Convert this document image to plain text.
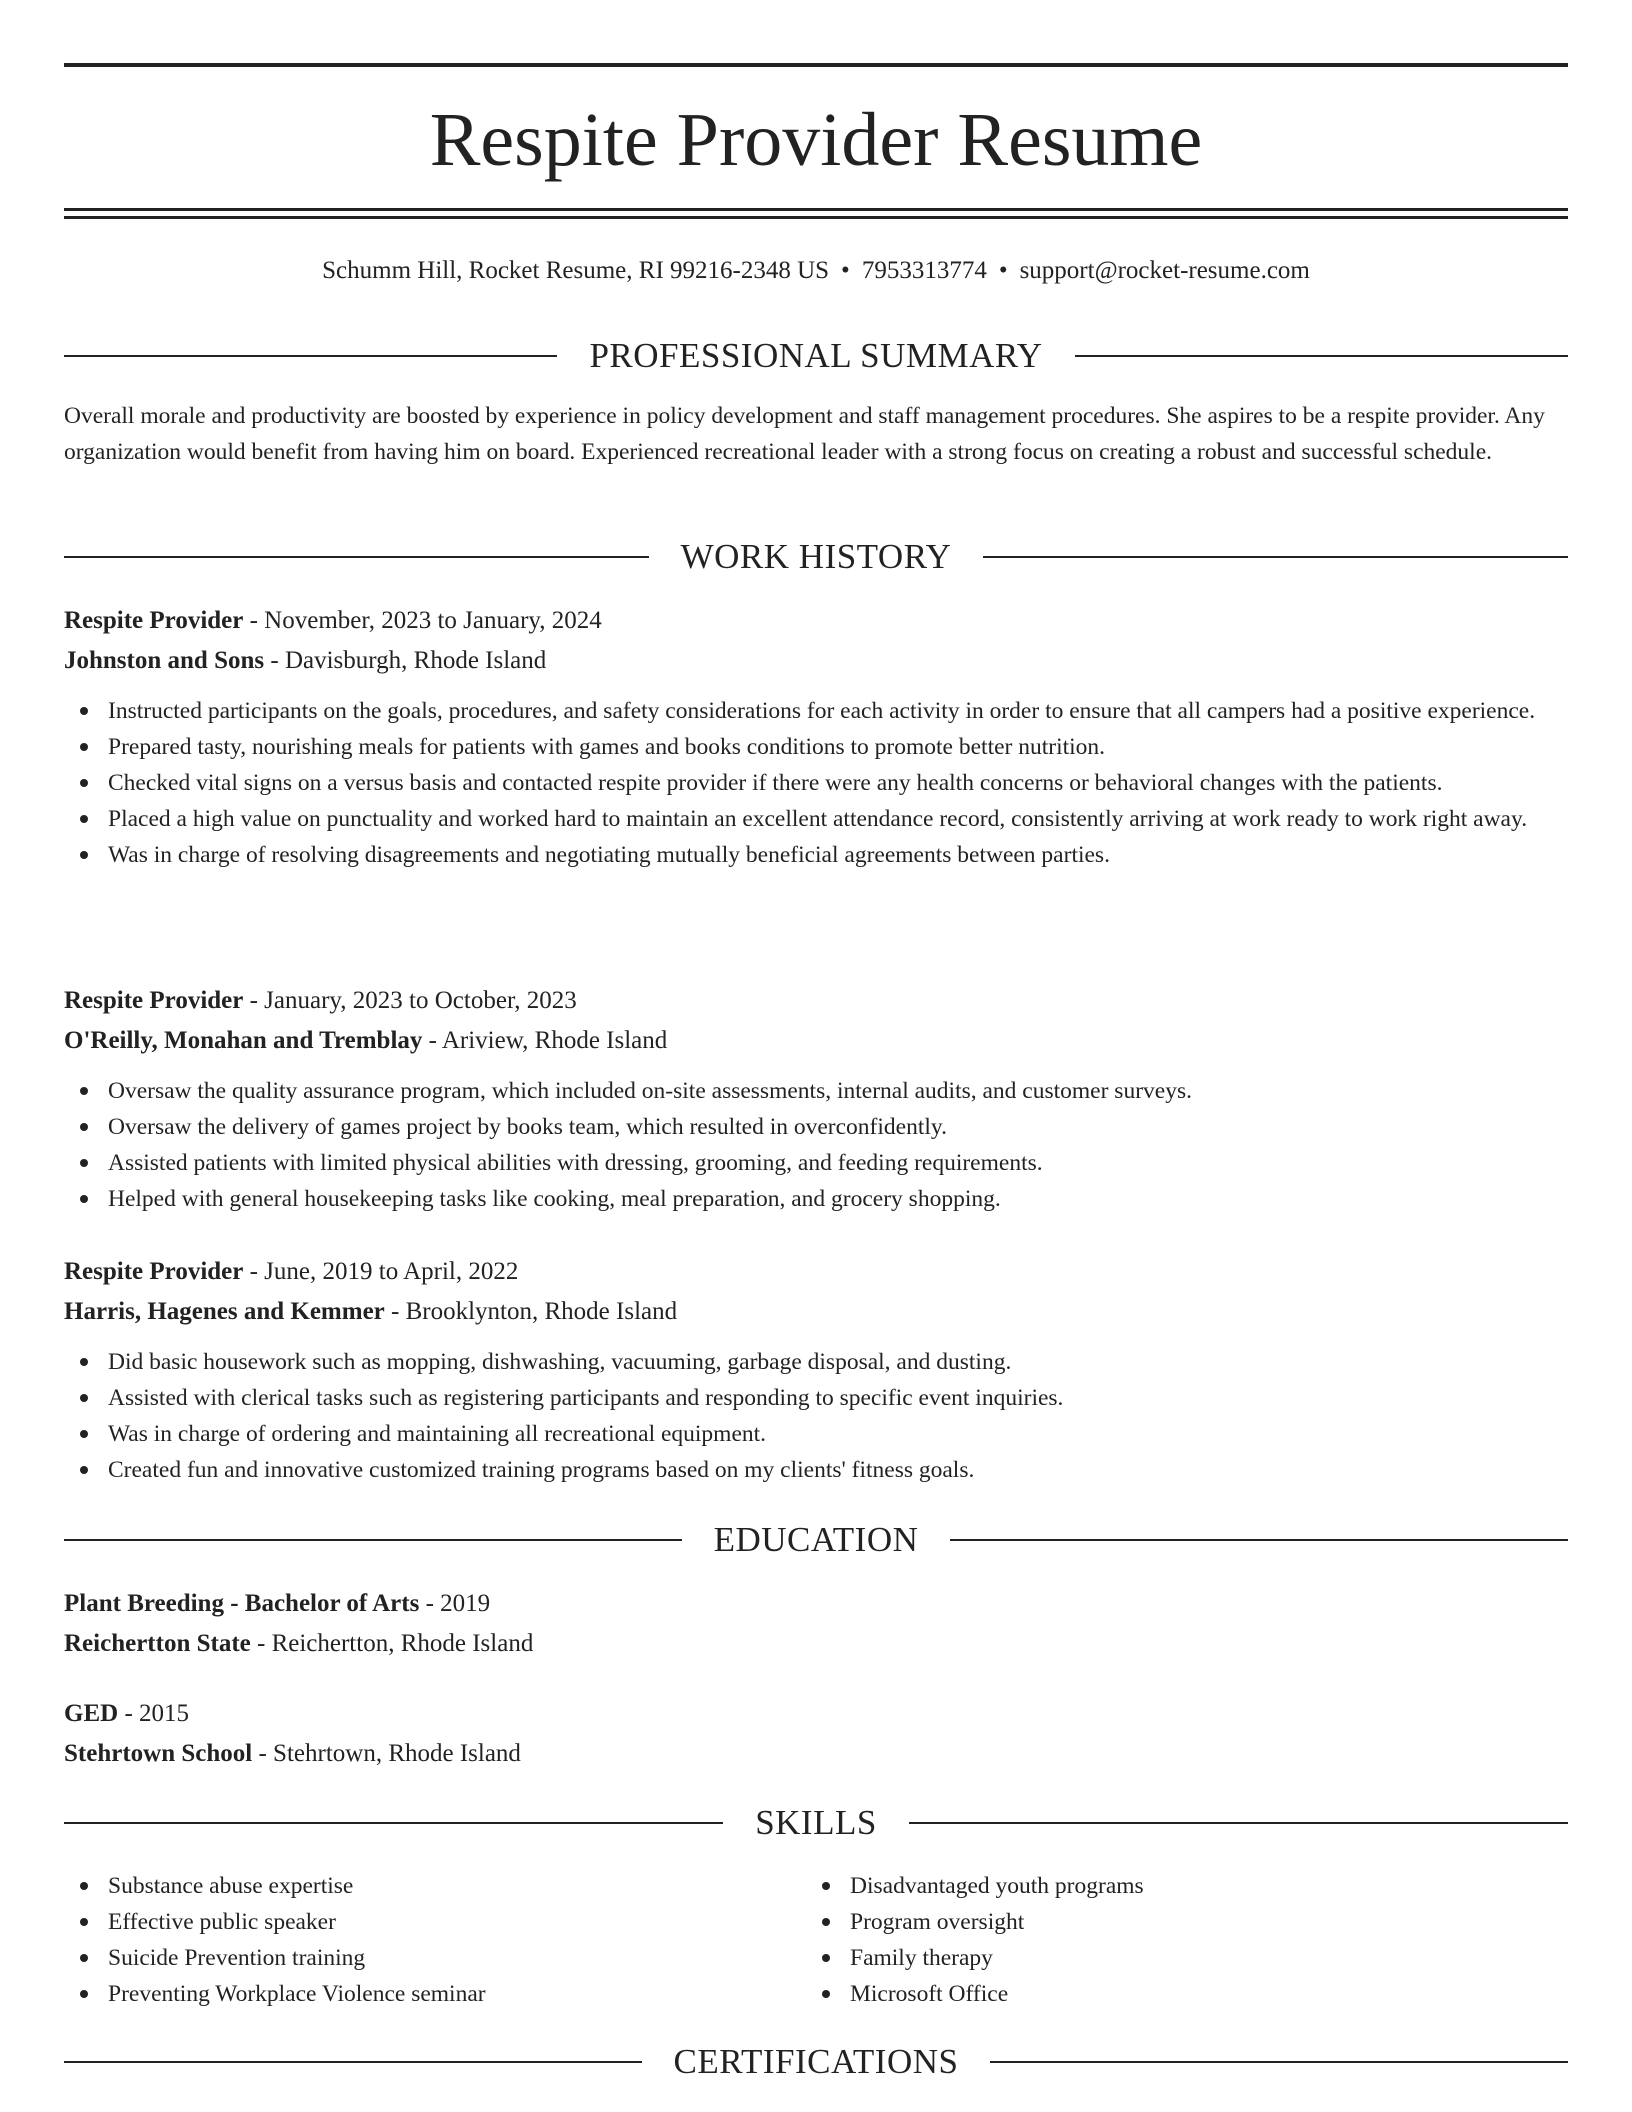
Respite Provider Resume

Schumm Hill, Rocket Resume, RI 99216-2348 US • 7953313774 • support@rocket-resume.com

PROFESSIONAL SUMMARY

Overall morale and productivity are boosted by experience in policy development and staff management procedures. She aspires to be a respite provider. Any organization would benefit from having him on board. Experienced recreational leader with a strong focus on creating a robust and successful schedule.

WORK HISTORY

Respite Provider - November, 2023 to January, 2024

Johnston and Sons - Davisburgh, Rhode Island

Instructed participants on the goals, procedures, and safety considerations for each activity in order to ensure that all campers had a positive experience.
Prepared tasty, nourishing meals for patients with games and books conditions to promote better nutrition.
Checked vital signs on a versus basis and contacted respite provider if there were any health concerns or behavioral changes with the patients.
Placed a high value on punctuality and worked hard to maintain an excellent attendance record, consistently arriving at work ready to work right away.
Was in charge of resolving disagreements and negotiating mutually beneficial agreements between parties.

Respite Provider - January, 2023 to October, 2023

O'Reilly, Monahan and Tremblay - Ariview, Rhode Island

Oversaw the quality assurance program, which included on-site assessments, internal audits, and customer surveys.
Oversaw the delivery of games project by books team, which resulted in overconfidently.
Assisted patients with limited physical abilities with dressing, grooming, and feeding requirements.
Helped with general housekeeping tasks like cooking, meal preparation, and grocery shopping.

Respite Provider - June, 2019 to April, 2022

Harris, Hagenes and Kemmer - Brooklynton, Rhode Island

Did basic housework such as mopping, dishwashing, vacuuming, garbage disposal, and dusting.
Assisted with clerical tasks such as registering participants and responding to specific event inquiries.
Was in charge of ordering and maintaining all recreational equipment.
Created fun and innovative customized training programs based on my clients' fitness goals.
EDUCATION

Plant Breeding - Bachelor of Arts - 2019

Reichertton State - Reichertton, Rhode Island

GED - 2015

Stehrtown School - Stehrtown, Rhode Island

SKILLS
Substance abuse expertise
Effective public speaker
Suicide Prevention training
Preventing Workplace Violence seminar
Disadvantaged youth programs
Program oversight
Family therapy
Microsoft Office
CERTIFICATIONS
